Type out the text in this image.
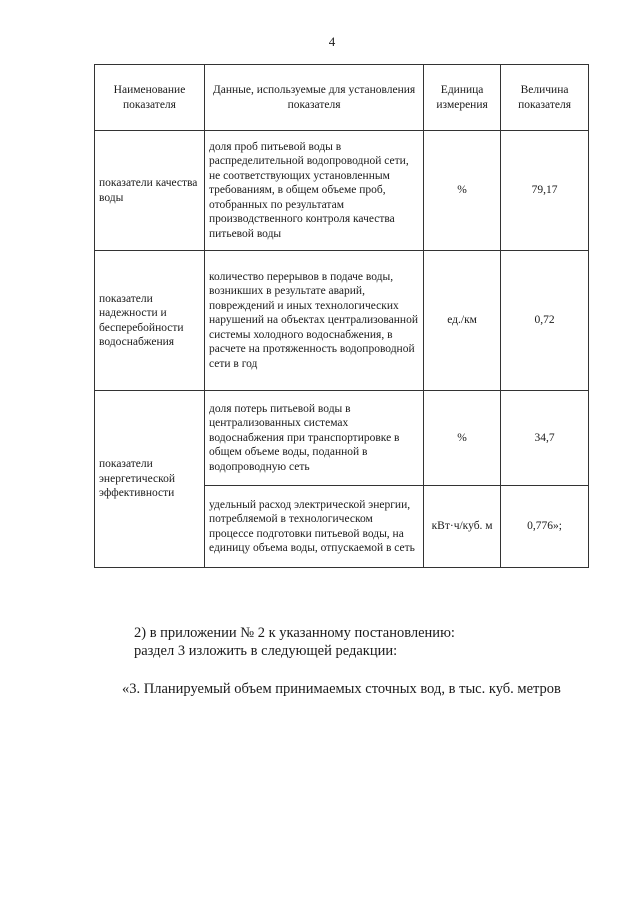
4
Наименование показателя	Данные, используемые для установления показателя	Единица измерения	Величина показателя
показатели качества воды	доля проб питьевой воды в распределительной водопроводной сети, не соответствующих установленным требованиям, в общем объеме проб, отобранных по результатам производственного контроля качества питьевой воды	%	79,17
показатели надежности и бесперебойности водоснабжения	количество перерывов в подаче воды, возникших в результате аварий, повреждений и иных технологических нарушений на объектах централизованной системы холодного водоснабжения, в расчете на протяженность водопроводной сети в год	ед./км	0,72
показатели энергетической эффективности	доля потерь питьевой воды в централизованных системах водоснабжения при транспортировке в общем объеме воды, поданной в водопроводную сеть	%	34,7
	удельный расход электрической энергии, потребляемой в технологическом процессе подготовки питьевой воды, на единицу объема воды, отпускаемой в сеть	кВт·ч/куб. м	0,776»;
2) в приложении № 2 к указанному постановлению:
раздел 3 изложить в следующей редакции:
«3. Планируемый объем принимаемых сточных вод, в тыс. куб. метров
